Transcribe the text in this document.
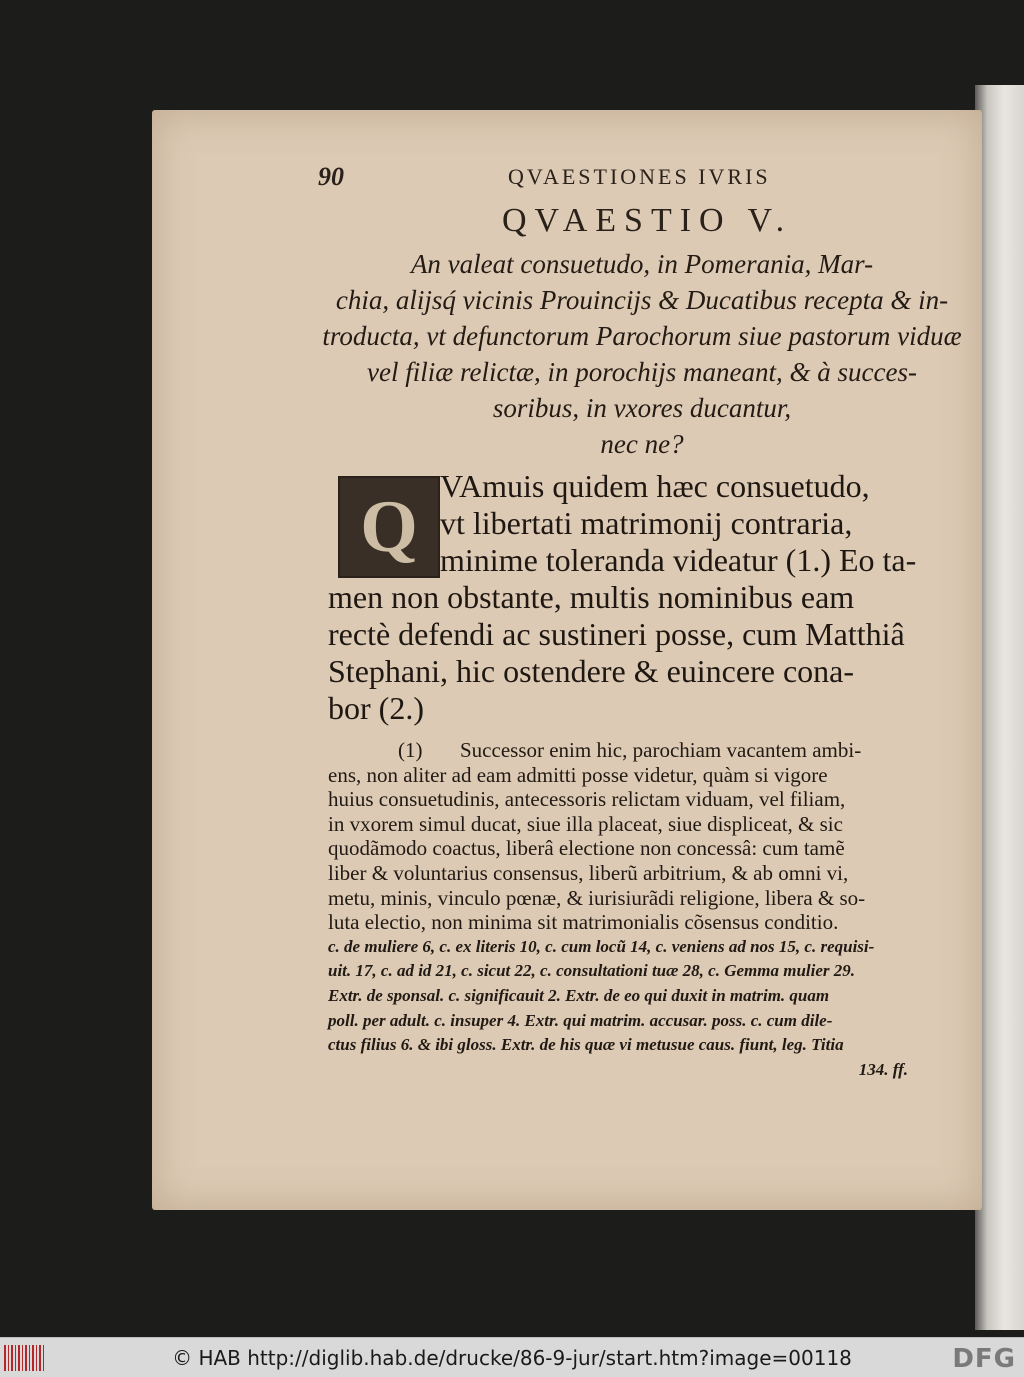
90	QVAESTIONES IVRIS
QVAESTIO V.
An valeat consuetudo, in Pomerania, Mar-
chia, alijsq́ vicinis Prouincijs & Ducatibus recepta & in-
troducta, vt defunctorum Parochorum siue pastorum viduæ
vel filiæ relictæ, in porochijs maneant, & à succes-
soribus, in vxores ducantur,
nec ne?
Q VAmuis quidem hæc consuetudo,
vt libertati matrimonij contraria,
minime toleranda videatur (1.) Eo ta-
men non obstante, multis nominibus eam
rectè defendi ac sustineri posse, cum Matthiâ
Stephani, hic ostendere & euincere cona-
bor (2.)
(1) Successor enim hic, parochiam vacantem ambi-
ens, non aliter ad eam admitti posse videtur, quàm si vigore
huius consuetudinis, antecessoris relictam viduam, vel filiam,
in vxorem simul ducat, siue illa placeat, siue displiceat, & sic
quodãmodo coactus, liberâ electione non concessâ: cum tamẽ
liber & voluntarius consensus, liberũ arbitrium, & ab omni vi,
metu, minis, vinculo pœnæ, & iurisiurãdi religione, libera & so-
luta electio, non minima sit matrimonialis cõsensus conditio.
c. de muliere 6, c. ex literis 10, c. cum locũ 14, c. veniens ad nos 15, c. requisi-
uit. 17, c. ad id 21, c. sicut 22, c. consultationi tuæ 28, c. Gemma mulier 29.
Extr. de sponsal. c. significauit 2. Extr. de eo qui duxit in matrim. quam
poll. per adult. c. insuper 4. Extr. qui matrim. accusar. poss. c. cum dile-
ctus filius 6. & ibi gloss. Extr. de his quæ vi metusue caus. fiunt, leg. Titia
134. ff.
© HAB http://diglib.hab.de/drucke/86-9-jur/start.htm?image=00118	DFG
